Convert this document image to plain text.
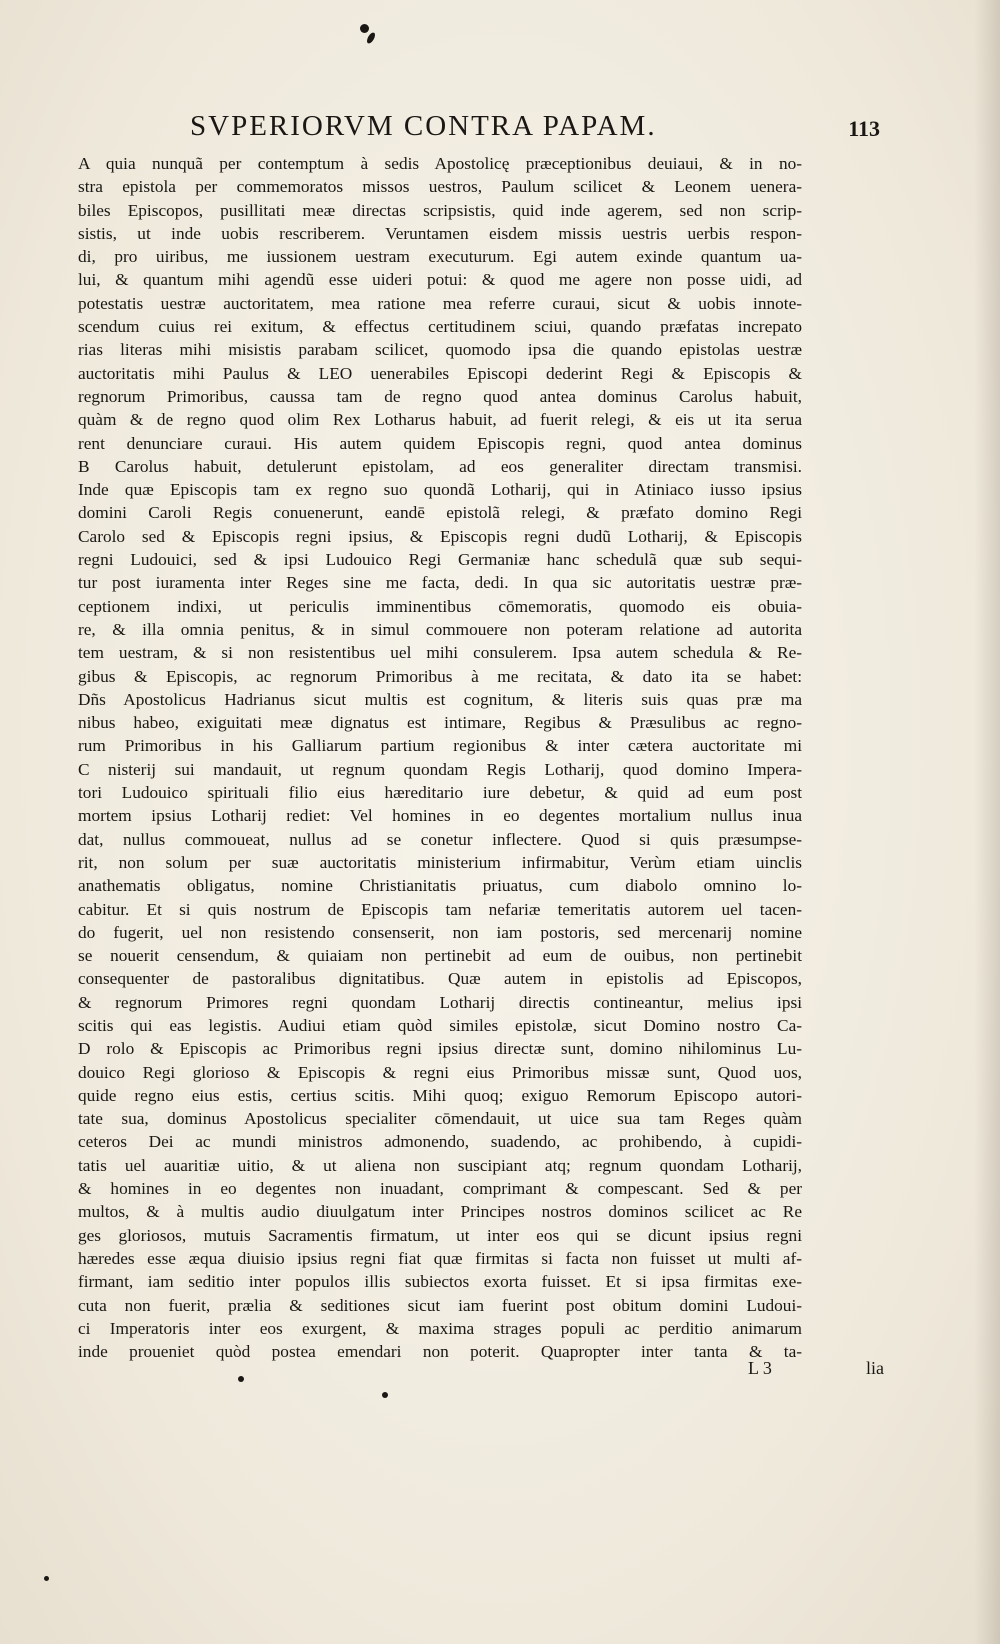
SVPERIORVM CONTRA PAPAM.	113
A quia nunquã per contemptum à sedis Apostolicę præceptionibus deuiaui, & in no-
stra epistola per commemoratos missos uestros, Paulum scilicet & Leonem uenera-
biles Episcopos, pusillitati meæ directas scripsistis, quid inde agerem, sed non scrip-
sistis, ut inde uobis rescriberem. Veruntamen eisdem missis uestris uerbis respon-
di, pro uiribus, me iussionem uestram executurum. Egi autem exinde quantum ua-
lui, & quantum mihi agendũ esse uideri potui: & quod me agere non posse uidi, ad
potestatis uestræ auctoritatem, mea ratione mea referre curaui, sicut & uobis innote-
scendum cuius rei exitum, & effectus certitudinem sciui, quando præfatas increpato
rias literas mihi misistis parabam scilicet, quomodo ipsa die quando epistolas uestræ
auctoritatis mihi Paulus & LEO uenerabiles Episcopi dederint Regi & Episcopis &
regnorum Primoribus, caussa tam de regno quod antea dominus Carolus habuit,
quàm & de regno quod olim Rex Lotharus habuit, ad fuerit relegi, & eis ut ita serua
rent denunciare curaui. His autem quidem Episcopis regni, quod antea dominus
B Carolus habuit, detulerunt epistolam, ad eos generaliter directam transmisi.
Inde quæ Episcopis tam ex regno suo quondã Lotharij, qui in Atiniaco iusso ipsius
domini Caroli Regis conuenerunt, eandē epistolã relegi, & præfato domino Regi
Carolo sed & Episcopis regni ipsius, & Episcopis regni dudũ Lotharij, & Episcopis
regni Ludouici, sed & ipsi Ludouico Regi Germaniæ hanc schedulã quæ sub sequi-
tur post iuramenta inter Reges sine me facta, dedi. In qua sic autoritatis uestræ præ-
ceptionem indixi, ut periculis imminentibus cōmemoratis, quomodo eis obuia-
re, & illa omnia penitus, & in simul commouere non poteram relatione ad autorita
tem uestram, & si non resistentibus uel mihi consulerem. Ipsa autem schedula & Re-
gibus & Episcopis, ac regnorum Primoribus à me recitata, & dato ita se habet:
Dñs Apostolicus Hadrianus sicut multis est cognitum, & literis suis quas præ ma
nibus habeo, exiguitati meæ dignatus est intimare, Regibus & Præsulibus ac regno-
rum Primoribus in his Galliarum partium regionibus & inter cætera auctoritate mi
C nisterij sui mandauit, ut regnum quondam Regis Lotharij, quod domino Impera-
tori Ludouico spirituali filio eius hæreditario iure debetur, & quid ad eum post
mortem ipsius Lotharij rediet: Vel homines in eo degentes mortalium nullus inua
dat, nullus commoueat, nullus ad se conetur inflectere. Quod si quis præsumpse-
rit, non solum per suæ auctoritatis ministerium infirmabitur, Verùm etiam uinclis
anathematis obligatus, nomine Christianitatis priuatus, cum diabolo omnino lo-
cabitur. Et si quis nostrum de Episcopis tam nefariæ temeritatis autorem uel tacen-
do fugerit, uel non resistendo consenserit, non iam postoris, sed mercenarij nomine
se nouerit censendum, & quiaiam non pertinebit ad eum de ouibus, non pertinebit
consequenter de pastoralibus dignitatibus. Quæ autem in epistolis ad Episcopos,
& regnorum Primores regni quondam Lotharij directis contineantur, melius ipsi
scitis qui eas legistis. Audiui etiam quòd similes epistolæ, sicut Domino nostro Ca-
D rolo & Episcopis ac Primoribus regni ipsius directæ sunt, domino nihilominus Lu-
douico Regi glorioso & Episcopis & regni eius Primoribus missæ sunt, Quod uos,
quide regno eius estis, certius scitis. Mihi quoq; exiguo Remorum Episcopo autori-
tate sua, dominus Apostolicus specialiter cōmendauit, ut uice sua tam Reges quàm
ceteros Dei ac mundi ministros admonendo, suadendo, ac prohibendo, à cupidi-
tatis uel auaritiæ uitio, & ut aliena non suscipiant atq; regnum quondam Lotharij,
& homines in eo degentes non inuadant, comprimant & compescant. Sed & per
multos, & à multis audio diuulgatum inter Principes nostros dominos scilicet ac Re
ges gloriosos, mutuis Sacramentis firmatum, ut inter eos qui se dicunt ipsius regni
hæredes esse æqua diuisio ipsius regni fiat quæ firmitas si facta non fuisset ut multi af-
firmant, iam seditio inter populos illis subiectos exorta fuisset. Et si ipsa firmitas exe-
cuta non fuerit, prælia & seditiones sicut iam fuerint post obitum domini Ludoui-
ci Imperatoris inter eos exurgent, & maxima strages populi ac perditio animarum
inde proueniet quòd postea emendari non poterit. Quapropter inter tanta & ta-
L 3	lia
